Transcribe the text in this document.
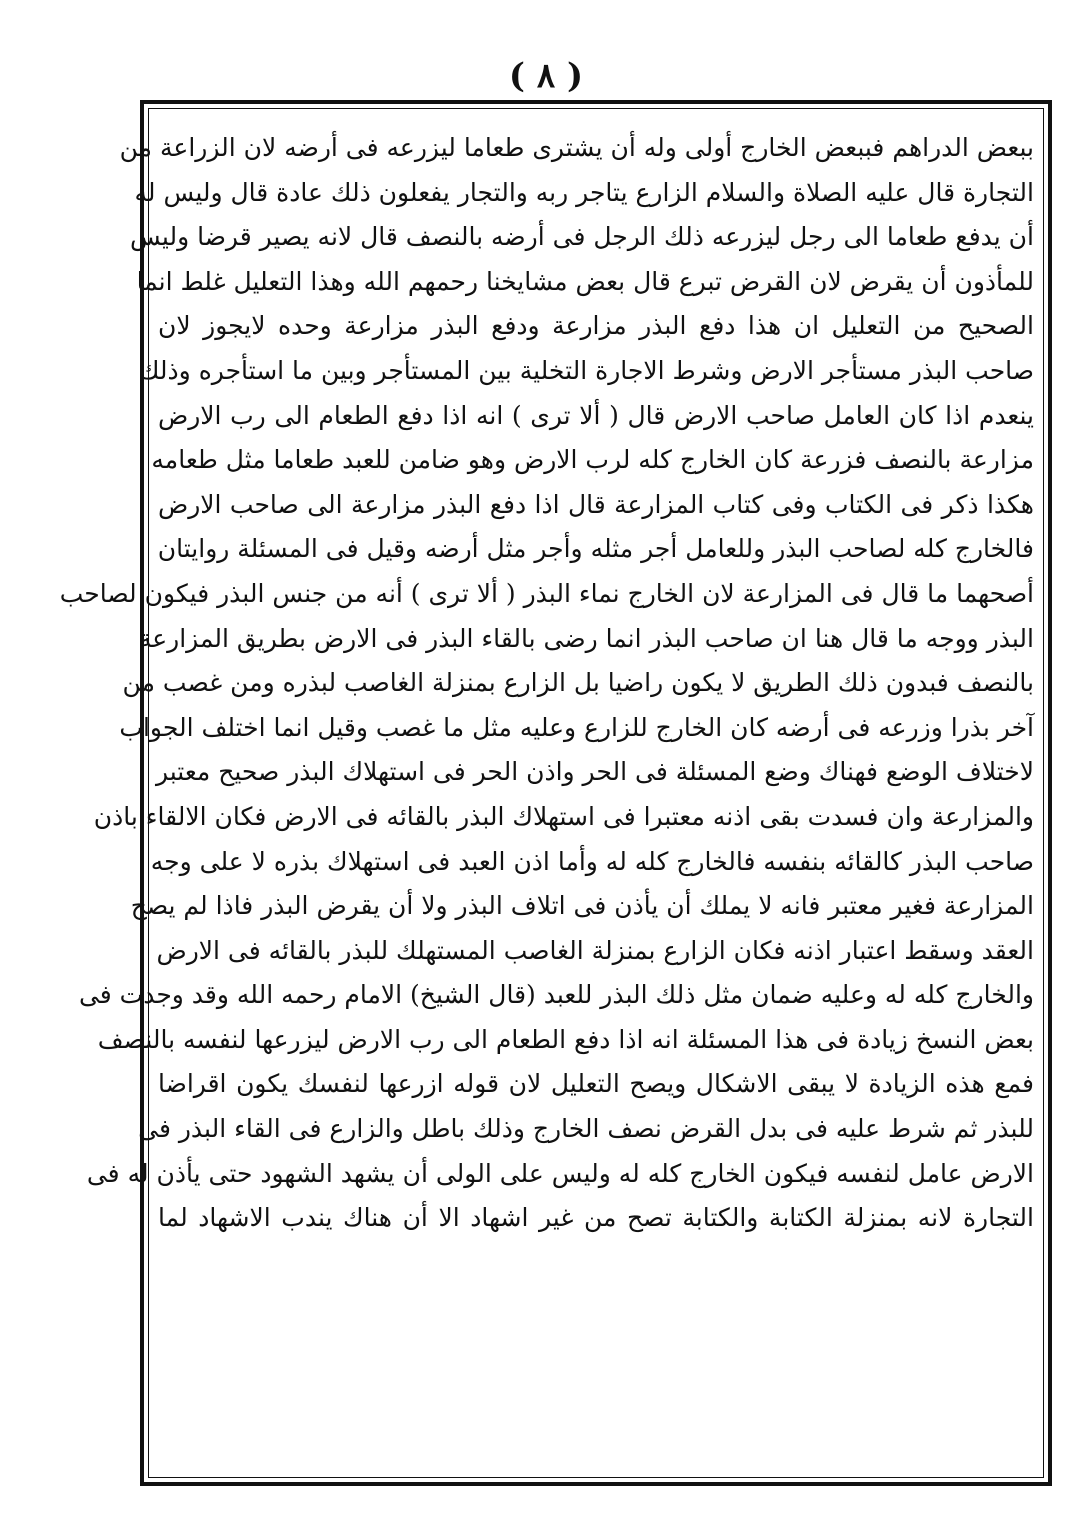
( ٨ )
ببعض الدراهم فببعض الخارج أولى وله أن يشترى طعاما ليزرعه فى أرضه لان الزراعة من
التجارة قال عليه الصلاة والسلام الزارع يتاجر ربه والتجار يفعلون ذلك عادة قال وليس له
أن يدفع طعاما الى رجل ليزرعه ذلك الرجل فى أرضه بالنصف قال لانه يصير قرضا وليس
للمأذون أن يقرض لان القرض تبرع قال بعض مشايخنا رحمهم الله وهذا التعليل غلط انما
الصحيح من التعليل ان هذا دفع البذر مزارعة ودفع البذر مزارعة وحده لايجوز لان
صاحب البذر مستأجر الارض وشرط الاجارة التخلية بين المستأجر وبين ما استأجره وذلك
ينعدم اذا كان العامل صاحب الارض قال ( ألا ترى ) انه اذا دفع الطعام الى رب الارض
مزارعة بالنصف فزرعة كان الخارج كله لرب الارض وهو ضامن للعبد طعاما مثل طعامه
هكذا ذكر فى الكتاب وفى كتاب المزارعة قال اذا دفع البذر مزارعة الى صاحب الارض
فالخارج كله لصاحب البذر وللعامل أجر مثله وأجر مثل أرضه وقيل فى المسئلة روايتان
أصحهما ما قال فى المزارعة لان الخارج نماء البذر ( ألا ترى ) أنه من جنس البذر فيكون لصاحب
البذر ووجه ما قال هنا ان صاحب البذر انما رضى بالقاء البذر فى الارض بطريق المزارعة
بالنصف فبدون ذلك الطريق لا يكون راضيا بل الزارع بمنزلة الغاصب لبذره ومن غصب من
آخر بذرا وزرعه فى أرضه كان الخارج للزارع وعليه مثل ما غصب وقيل انما اختلف الجواب
لاختلاف الوضع فهناك وضع المسئلة فى الحر واذن الحر فى استهلاك البذر صحيح معتبر
والمزارعة وان فسدت بقى اذنه معتبرا فى استهلاك البذر بالقائه فى الارض فكان الالقاء باذن
صاحب البذر كالقائه بنفسه فالخارج كله له وأما اذن العبد فى استهلاك بذره لا على وجه
المزارعة فغير معتبر فانه لا يملك أن يأذن فى اتلاف البذر ولا أن يقرض البذر فاذا لم يصح
العقد وسقط اعتبار اذنه فكان الزارع بمنزلة الغاصب المستهلك للبذر بالقائه فى الارض
والخارج كله له وعليه ضمان مثل ذلك البذر للعبد (قال الشيخ) الامام رحمه الله وقد وجدت فى
بعض النسخ زيادة فى هذا المسئلة انه اذا دفع الطعام الى رب الارض ليزرعها لنفسه بالنصف
فمع هذه الزيادة لا يبقى الاشكال ويصح التعليل لان قوله ازرعها لنفسك يكون اقراضا
للبذر ثم شرط عليه فى بدل القرض نصف الخارج وذلك باطل والزارع فى القاء البذر فى
الارض عامل لنفسه فيكون الخارج كله له وليس على الولى أن يشهد الشهود حتى يأذن له فى
التجارة لانه بمنزلة الكتابة والكتابة تصح من غير اشهاد الا أن هناك يندب الاشهاد لما
